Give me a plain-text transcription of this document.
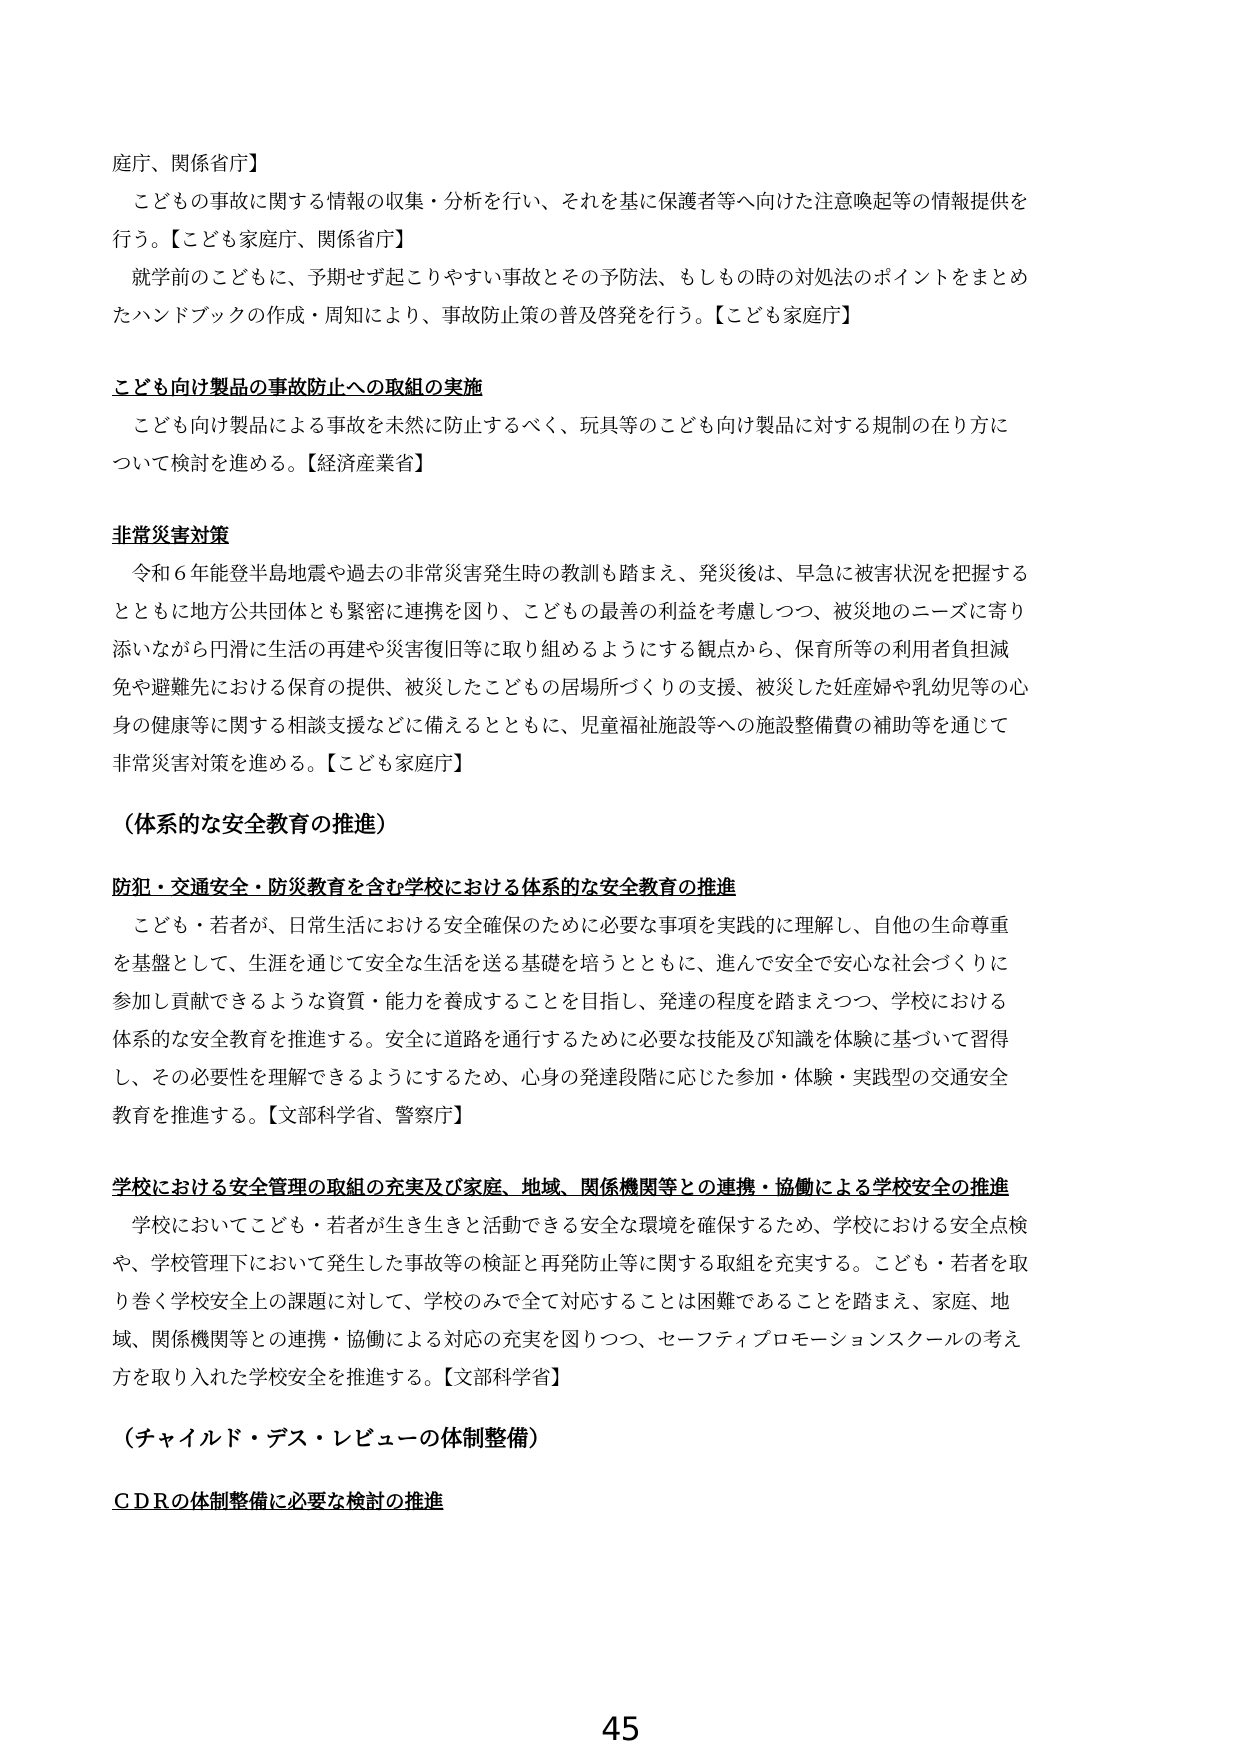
庭庁、関係省庁】
　こどもの事故に関する情報の収集・分析を行い、それを基に保護者等へ向けた注意喚起等の情報提供を
行う。【こども家庭庁、関係省庁】
　就学前のこどもに、予期せず起こりやすい事故とその予防法、もしもの時の対処法のポイントをまとめ
たハンドブックの作成・周知により、事故防止策の普及啓発を行う。【こども家庭庁】
こども向け製品の事故防止への取組の実施
　こども向け製品による事故を未然に防止するべく、玩具等のこども向け製品に対する規制の在り方に
ついて検討を進める。【経済産業省】
非常災害対策
　令和６年能登半島地震や過去の非常災害発生時の教訓も踏まえ、発災後は、早急に被害状況を把握する
とともに地方公共団体とも緊密に連携を図り、こどもの最善の利益を考慮しつつ、被災地のニーズに寄り
添いながら円滑に生活の再建や災害復旧等に取り組めるようにする観点から、保育所等の利用者負担減
免や避難先における保育の提供、被災したこどもの居場所づくりの支援、被災した妊産婦や乳幼児等の心
身の健康等に関する相談支援などに備えるとともに、児童福祉施設等への施設整備費の補助等を通じて
非常災害対策を進める。【こども家庭庁】
（体系的な安全教育の推進）
防犯・交通安全・防災教育を含む学校における体系的な安全教育の推進
　こども・若者が、日常生活における安全確保のために必要な事項を実践的に理解し、自他の生命尊重
を基盤として、生涯を通じて安全な生活を送る基礎を培うとともに、進んで安全で安心な社会づくりに
参加し貢献できるような資質・能力を養成することを目指し、発達の程度を踏まえつつ、学校における
体系的な安全教育を推進する。安全に道路を通行するために必要な技能及び知識を体験に基づいて習得
し、その必要性を理解できるようにするため、心身の発達段階に応じた参加・体験・実践型の交通安全
教育を推進する。【文部科学省、警察庁】
学校における安全管理の取組の充実及び家庭、地域、関係機関等との連携・協働による学校安全の推進
　学校においてこども・若者が生き生きと活動できる安全な環境を確保するため、学校における安全点検
や、学校管理下において発生した事故等の検証と再発防止等に関する取組を充実する。こども・若者を取
り巻く学校安全上の課題に対して、学校のみで全て対応することは困難であることを踏まえ、家庭、地
域、関係機関等との連携・協働による対応の充実を図りつつ、セーフティプロモーションスクールの考え
方を取り入れた学校安全を推進する。【文部科学省】
（チャイルド・デス・レビューの体制整備）
ＣＤＲの体制整備に必要な検討の推進
45
